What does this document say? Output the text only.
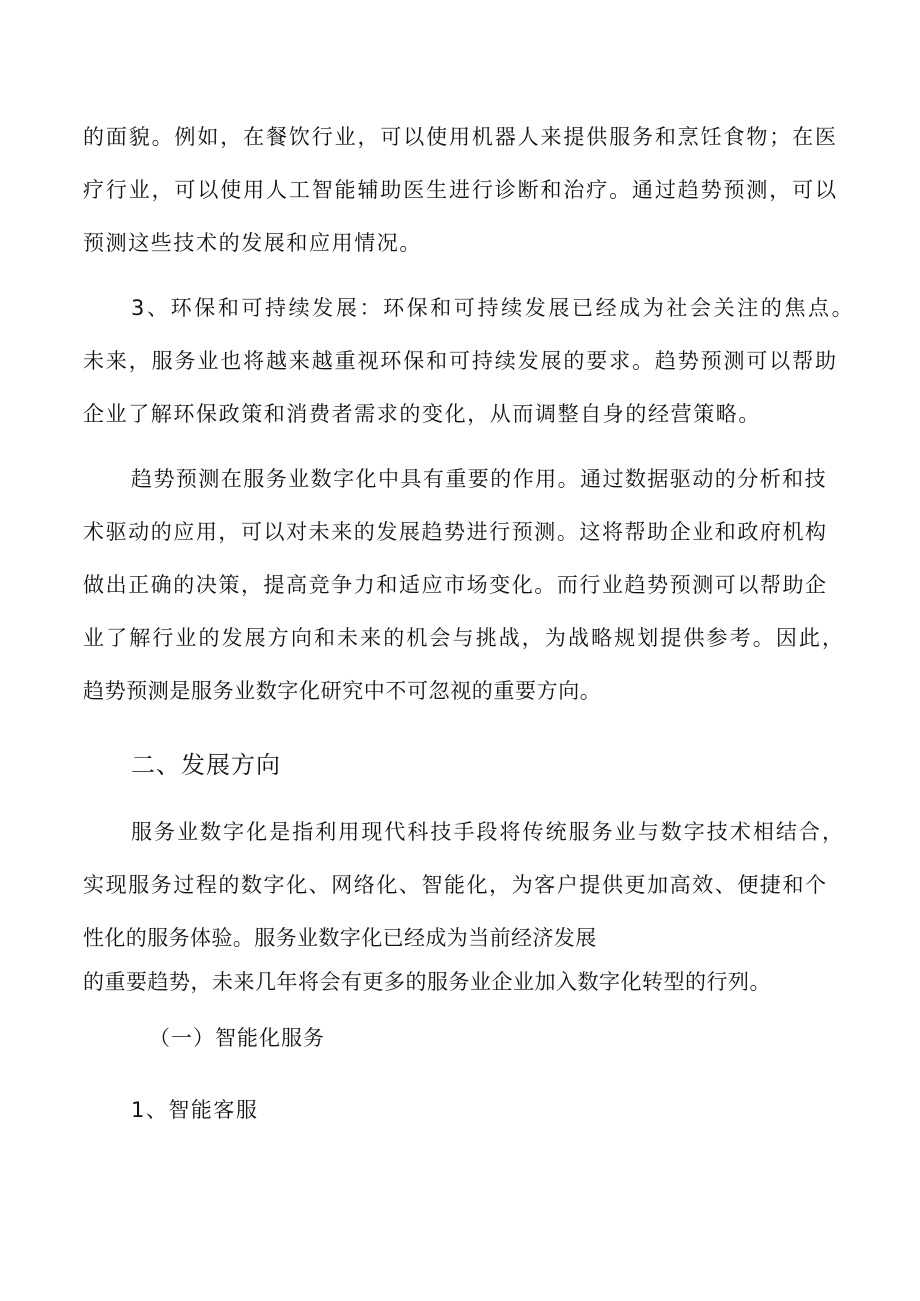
的 面 貌 。 例 如 ， 在 餐 饮 行 业 ， 可 以 使 用 机 器 人 来 提 供 服 务 和 烹 饪 食 物 ； 在 医
疗 行 业 ， 可 以 使 用 人 工 智 能 辅 助 医 生 进 行 诊 断 和 治 疗 。 通 过 趋 势 预 测 ， 可 以
预测这些技术的发展和应用情况。
3 、 环 保 和 可 持 续 发 展 ： 环 保 和 可 持 续 发 展 已 经 成 为 社 会 关 注 的 焦 点 。
未 来 ， 服 务 业 也 将 越 来 越 重 视 环 保 和 可 持 续 发 展 的 要 求 。 趋 势 预 测 可 以 帮 助
企业了解环保政策和消费者需求的变化，从而调整自身的经营策略。
趋 势 预 测 在 服 务 业 数 字 化 中 具 有 重 要 的 作 用 。 通 过 数 据 驱 动 的 分 析 和 技
术 驱 动 的 应 用 ， 可 以 对 未 来 的 发 展 趋 势 进 行 预 测 。 这 将 帮 助 企 业 和 政 府 机 构
做 出 正 确 的 决 策 ， 提 高 竞 争 力 和 适 应 市 场 变 化 。 而 行 业 趋 势 预 测 可 以 帮 助 企
业 了 解 行 业 的 发 展 方 向 和 未 来 的 机 会 与 挑 战 ， 为 战 略 规 划 提 供 参 考 。 因 此 ，
趋势预测是服务业数字化研究中不可忽视的重要方向。
二、发展方向
服 务 业 数 字 化 是 指 利 用 现 代 科 技 手 段 将 传 统 服 务 业 与 数 字 技 术 相 结 合 ，
实 现 服 务 过 程 的 数 字 化 、 网 络 化 、 智 能 化 ， 为 客 户 提 供 更 加 高 效 、 便 捷 和 个
性化的服务体验。服务业数字化已经成为当前经济发展
的重要趋势，未来几年将会有更多的服务业企业加入数字化转型的行列。
（一）智能化服务
1、智能客服
